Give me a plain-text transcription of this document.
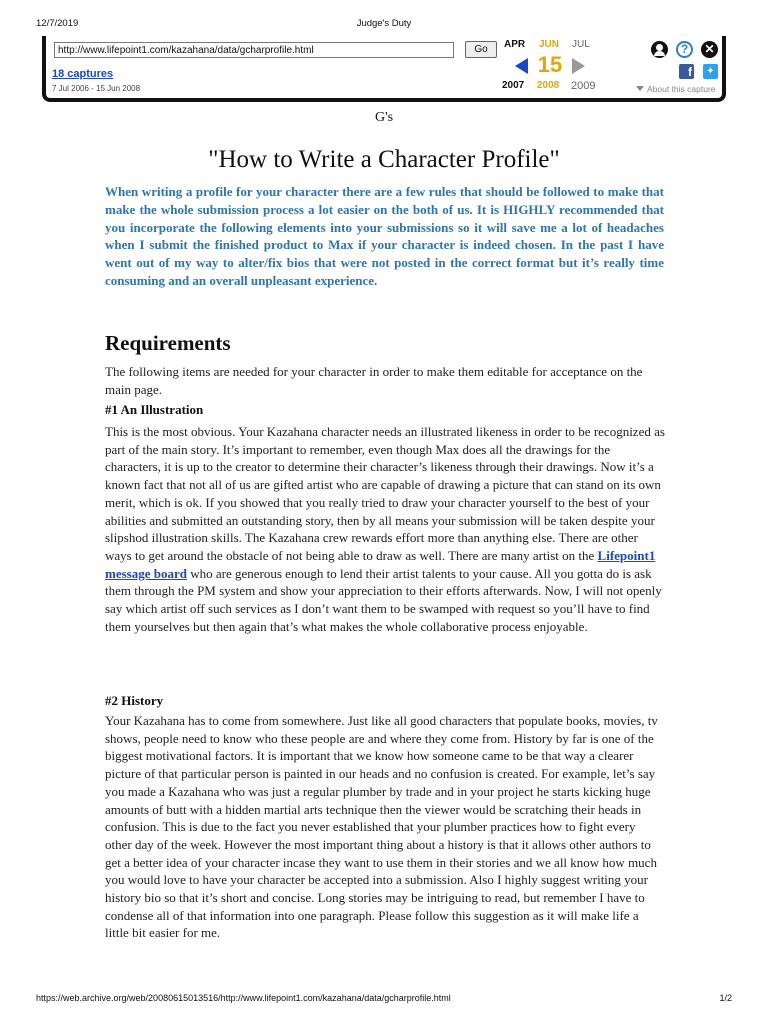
12/7/2019	Judge's Duty
http://www.lifepoint1.com/kazahana/data/gcharprofile.html
Go
18 captures
7 Jul 2006 - 15 Jun 2008
APR JUN JUL
15
2007 2008 2009
?	✕
f	✦
About this capture
G's
"How to Write a Character Profile"

When writing a profile for your character there are a few rules that should be followed to make that make the whole submission process a lot easier on the both of us. It is HIGHLY recommended that you incorporate the following elements into your submissions so it will save me a lot of headaches when I submit the finished product to Max if your character is indeed chosen. In the past I have went out of my way to alter/fix bios that were not posted in the correct format but it’s really time consuming and an overall unpleasant experience.

Requirements

The following items are needed for your character in order to make them editable for acceptance on the main page.

#1 An Illustration

This is the most obvious. Your Kazahana character needs an illustrated likeness in order to be recognized as part of the main story. It’s important to remember, even though Max does all the drawings for the characters, it is up to the creator to determine their character’s likeness through their drawings. Now it’s a known fact that not all of us are gifted artist who are capable of drawing a picture that can stand on its own merit, which is ok. If you showed that you really tried to draw your character yourself to the best of your abilities and submitted an outstanding story, then by all means your submission will be taken despite your slipshod illustration skills. The Kazahana crew rewards effort more than anything else. There are other ways to get around the obstacle of not being able to draw as well. There are many artist on the Lifepoint1 message board who are generous enough to lend their artist talents to your cause. All you gotta do is ask them through the PM system and show your appreciation to their efforts afterwards. Now, I will not openly say which artist off such services as I don’t want them to be swamped with request so you’ll have to find them yourselves but then again that’s what makes the whole collaborative process enjoyable.

#2 History

Your Kazahana has to come from somewhere. Just like all good characters that populate books, movies, tv shows, people need to know who these people are and where they come from. History by far is one of the biggest motivational factors. It is important that we know how someone came to be that way a clearer picture of that particular person is painted in our heads and no confusion is created. For example, let’s say you made a Kazahana who was just a regular plumber by trade and in your project he starts kicking huge amounts of butt with a hidden martial arts technique then the viewer would be scratching their heads in confusion. This is due to the fact you never established that your plumber practices how to fight every other day of the week. However the most important thing about a history is that it allows other authors to get a better idea of your character incase they want to use them in their stories and we all know how much you would love to have your character be accepted into a submission. Also I highly suggest writing your history bio so that it’s short and concise. Long stories may be intriguing to read, but remember I have to condense all of that information into one paragraph. Please follow this suggestion as it will make life a little bit easier for me.

https://web.archive.org/web/20080615013516/http://www.lifepoint1.com/kazahana/data/gcharprofile.html	1/2
